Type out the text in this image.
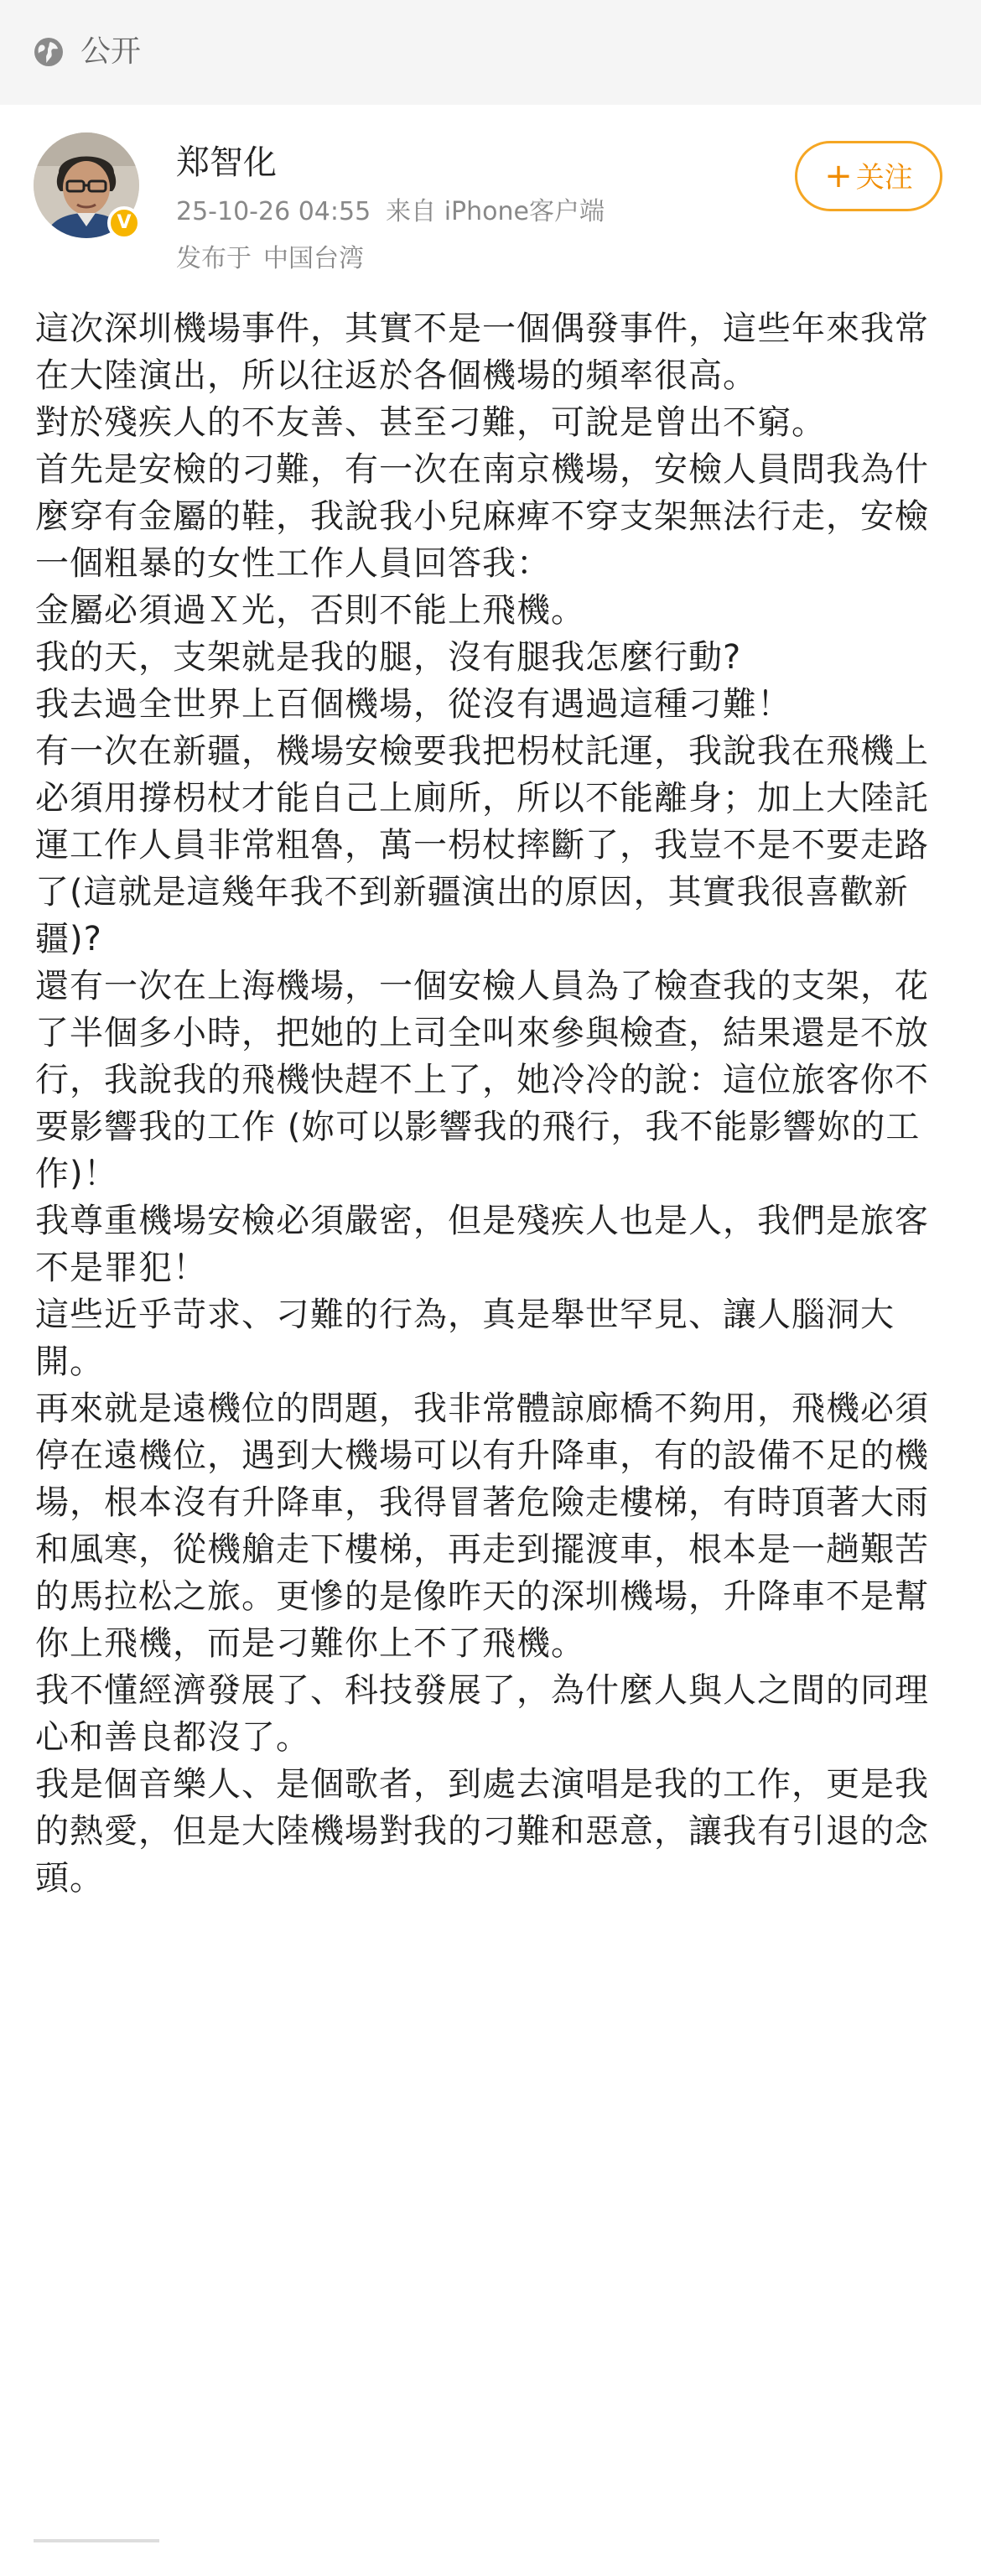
公开
V
郑智化
25-10-26 04:55 来自 iPhone客户端
发布于 中国台湾
+ 关注

這次深圳機場事件，其實不是一個偶發事件，這些年來我常在大陸演出，所以往返於各個機場的頻率很高。

對於殘疾人的不友善、甚至刁難，可說是曾出不窮。

首先是安檢的刁難，有一次在南京機場，安檢人員問我為什麼穿有金屬的鞋，我說我小兒麻痺不穿支架無法行走，安檢一個粗暴的女性工作人員回答我：

金屬必須過Ｘ光，否則不能上飛機。

我的天，支架就是我的腿，沒有腿我怎麼行動?

我去過全世界上百個機場，從沒有遇過這種刁難！

有一次在新疆，機場安檢要我把枴杖託運，我說我在飛機上必須用撐枴杖才能自己上廁所，所以不能離身；加上大陸託運工作人員非常粗魯，萬一枴杖摔斷了，我豈不是不要走路了(這就是這幾年我不到新疆演出的原因，其實我很喜歡新疆)?

還有一次在上海機場，一個安檢人員為了檢查我的支架，花了半個多小時，把她的上司全叫來參與檢查，結果還是不放行，我說我的飛機快趕不上了，她冷冷的說：這位旅客你不要影響我的工作 (妳可以影響我的飛行，我不能影響妳的工作)！

我尊重機場安檢必須嚴密，但是殘疾人也是人，我們是旅客不是罪犯！

這些近乎苛求、刁難的行為，真是舉世罕見、讓人腦洞大開。

再來就是遠機位的問題，我非常體諒廊橋不夠用，飛機必須停在遠機位，遇到大機場可以有升降車，有的設備不足的機場，根本沒有升降車，我得冒著危險走樓梯，有時頂著大雨和風寒，從機艙走下樓梯，再走到擺渡車，根本是一趟艱苦的馬拉松之旅。更慘的是像昨天的深圳機場，升降車不是幫你上飛機，而是刁難你上不了飛機。

我不懂經濟發展了、科技發展了，為什麼人與人之間的同理心和善良都沒了。

我是個音樂人、是個歌者，到處去演唱是我的工作，更是我的熱愛，但是大陸機場對我的刁難和惡意，讓我有引退的念頭。
